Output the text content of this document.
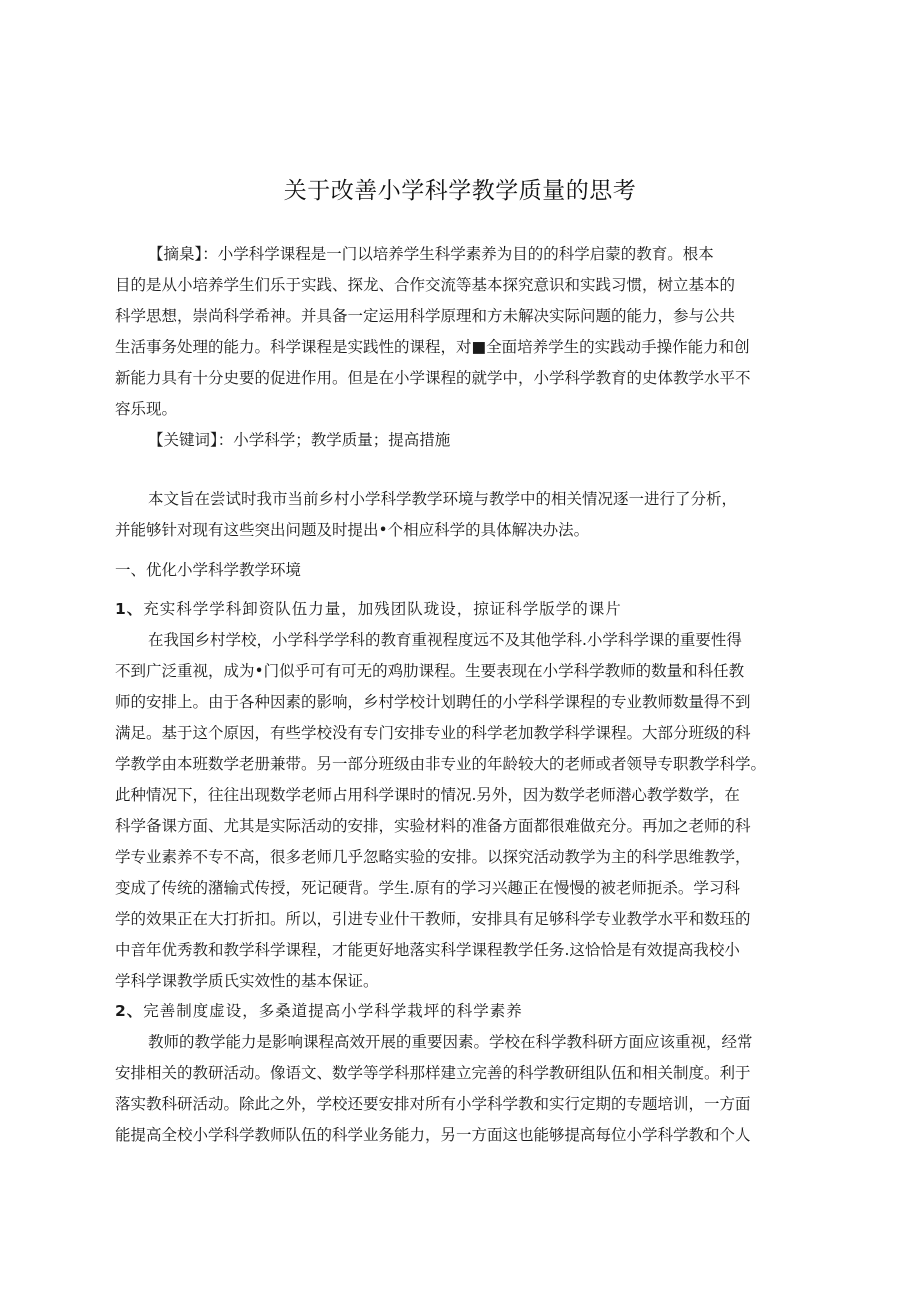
关于改善小学科学教学质量的思考
【摘臬】：小学科学课程是一门以培养学生科学素养为目的的科学启蒙的教育。根本
目的是从小培养学生们乐于实践、探龙、合作交流等基本探究意识和实践习惯，树立基本的
科学思想，崇尚科学希神。并具备一定运用科学原理和方未解决实际问题的能力，参与公共
生活事务处理的能力。科学课程是实践性的课程，对■全面培养学生的实践动手操作能力和创
新能力具有十分史要的促进作用。但是在小学课程的就学中，小学科学教育的史体教学水平不
容乐现。
【关键词】：小学科学；教学质量；提高措施
本文旨在尝试时我市当前乡村小学科学教学环境与教学中的相关情况逐一进行了分析，
并能够针对现有这些突出问题及时提出•个相应科学的具体解决办法。
一、优化小学科学教学环境
1、充实科学学科卸资队伍力量，加残团队珑设，掠证科学版学的课片
在我国乡村学校，小学科学学科的教育重视程度远不及其他学科.小学科学课的重要性得
不到广泛重视，成为•门似乎可有可无的鸡肋课程。生要表现在小学科学教师的数量和科任教
师的安排上。由于各种因素的影响，乡村学校计划聘任的小学科学课程的专业教师数量得不到
满足。基于这个原因，有些学校没有专门安排专业的科学老加教学科学课程。大部分班级的科
学教学由本班数学老册兼带。另一部分班级由非专业的年龄较大的老师或者领导专职教学科学。
此种情况下，往往出现数学老师占用科学课时的情况.另外，因为数学老师潜心教学数学，在
科学备课方面、尤其是实际活动的安排，实验材料的准备方面都很难做充分。再加之老师的科
学专业素养不专不高，很多老师几乎忽略实验的安排。以探究活动教学为主的科学思维教学，
变成了传统的潴输式传授，死记硬背。学生.原有的学习兴趣正在慢慢的被老师扼杀。学习科
学的效果正在大打折扣。所以，引进专业什干教师，安排具有足够科学专业教学水平和数珏的
中音年优秀教和教学科学课程，才能更好地落实科学课程教学任务.这恰恰是有效提高我校小
学科学课教学质氏实效性的基本保证。
2、完善制度虚设，多桑道提高小学科学栽坪的科学素养
教师的教学能力是影响课程高效开展的重要因素。学校在科学教科研方面应该重视，经常
安排相关的教研活动。像语文、数学等学科那样建立完善的科学教研组队伍和相关制度。利于
落实教科研活动。除此之外，学校还要安排对所有小学科学教和实行定期的专题培训，一方面
能提高全校小学科学教师队伍的科学业务能力，另一方面这也能够提高每位小学科学教和个人
